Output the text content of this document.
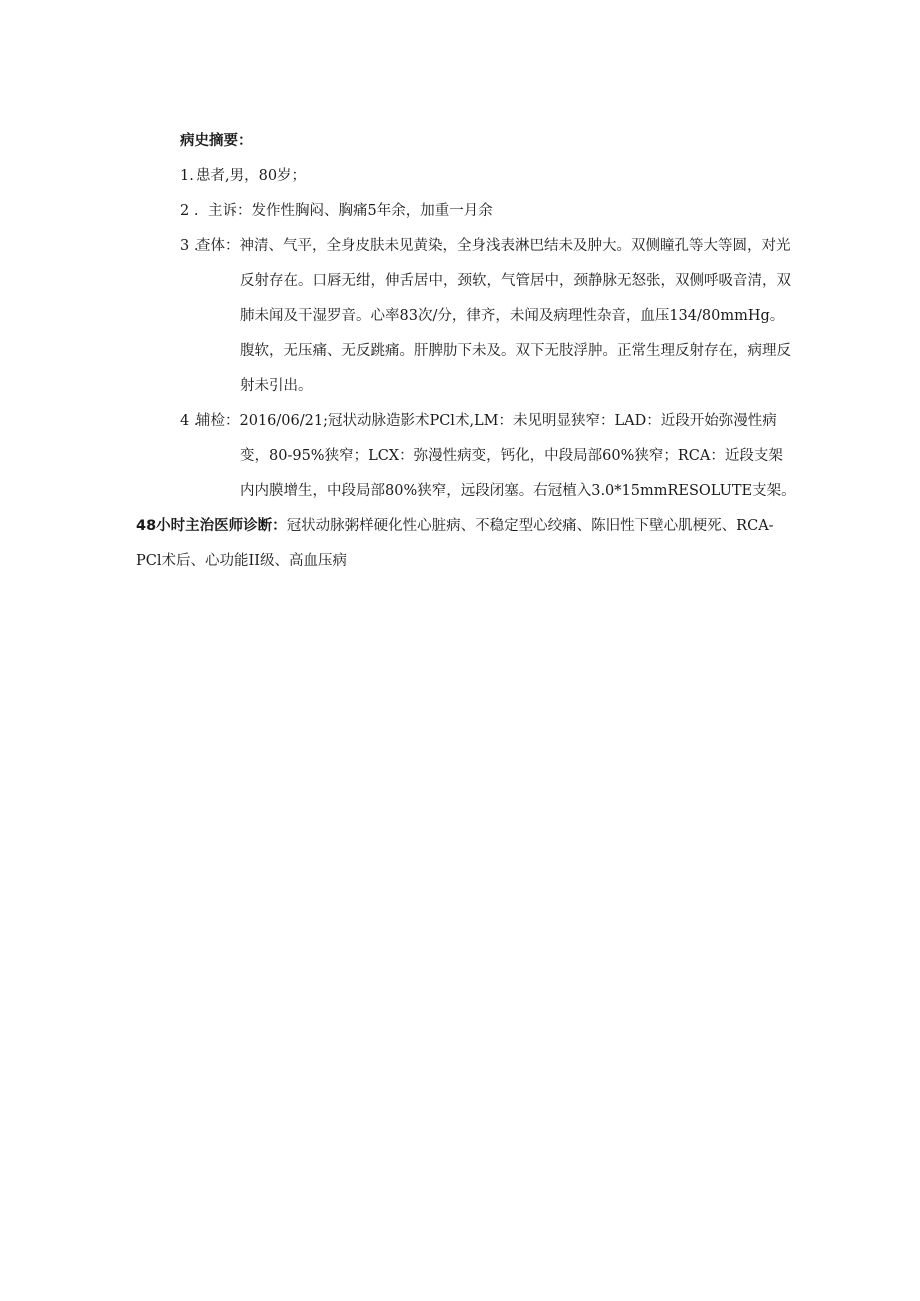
病史摘要：
1. 患者,男，80岁；
2 . 主诉：发作性胸闷、胸痛5年余，加重一月余
3 .
查体：神清、气平，全身皮肤未见黄染，全身浅表淋巴结未及肿大。双侧瞳孔等大等圆，对光反射存在。口唇无绀，伸舌居中，颈软，气管居中，颈静脉无怒张，双侧呼吸音清，双肺未闻及干湿罗音。心率83次/分，律齐，未闻及病理性杂音，血压134/80mmHg。腹软，无压痛、无反跳痛。肝脾肋下未及。双下无肢浮肿。正常生理反射存在，病理反射未引出。
4 .
辅检：2016/06/21;冠状动脉造影术PCl术,LM：未见明显狭窄：LAD：近段开始弥漫性病变，80-95%狭窄；LCX：弥漫性病变，钙化，中段局部60%狭窄；RCA：近段支架内内膜增生，中段局部80%狭窄，远段闭塞。右冠植入3.0*15mmRESOLUTE支架。
48小时主治医师诊断：冠状动脉粥样硬化性心脏病、不稳定型心绞痛、陈旧性下壁心肌梗死、RCA-PCl术后、心功能II级、高血压病
